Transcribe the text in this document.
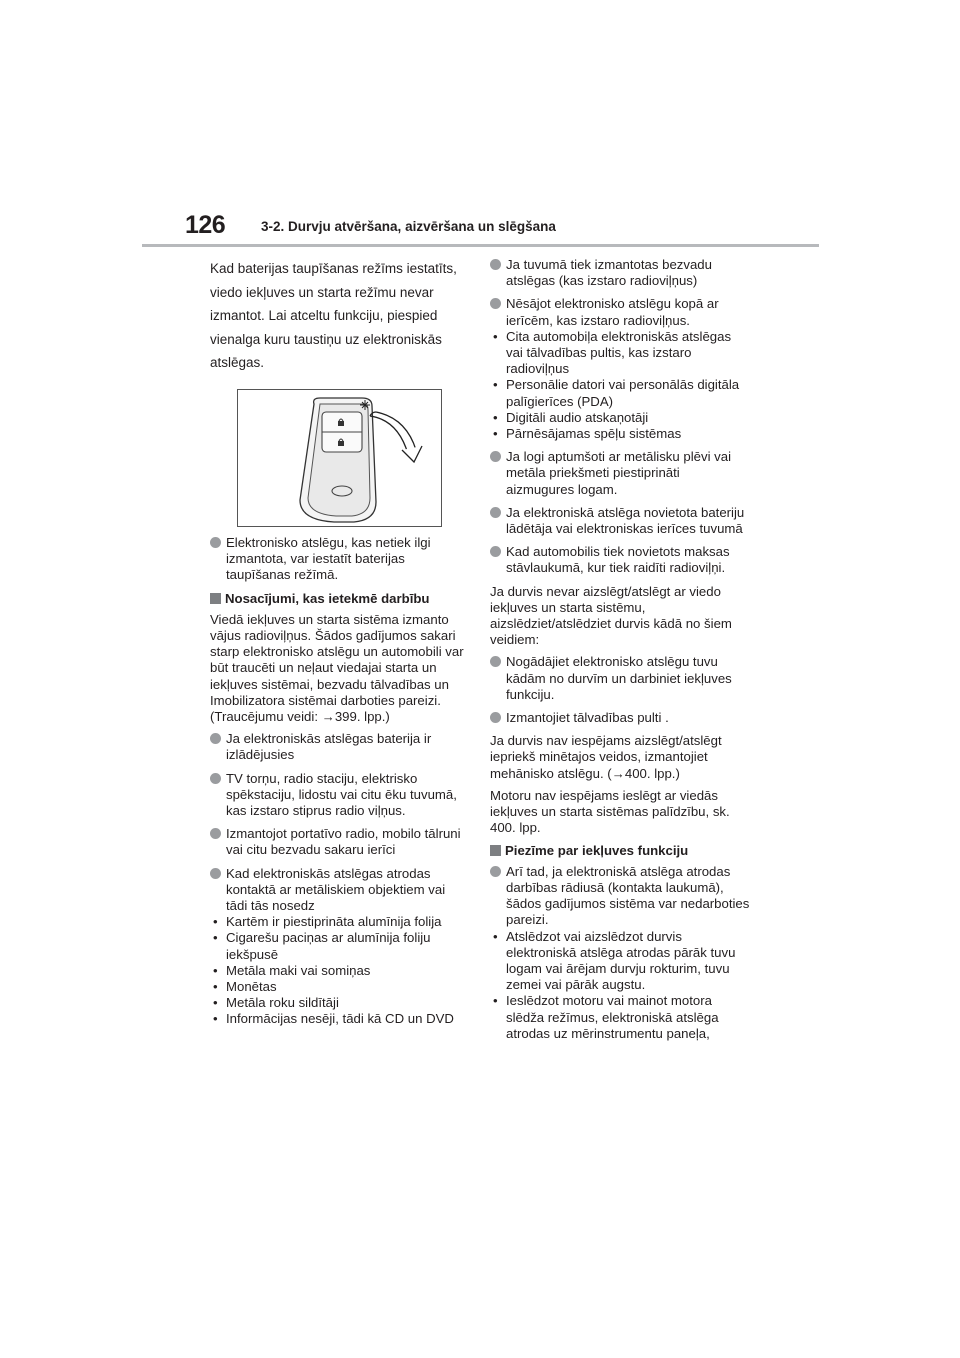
126	3-2. Durvju atvēršana, aizvēršana un slēgšana

Kad baterijas taupīšanas režīms iestatīts, viedo iekļuves un starta režīmu nevar izmantot. Lai atceltu funkciju, piespied vienalga kuru taustiņu uz elektroniskās atslēgas.

Elektronisko atslēgu, kas netiek ilgi izmantota, var iestatīt baterijas taupīšanas režīmā.
Nosacījumi, kas ietekmē darbību

Viedā iekļuves un starta sistēma izmanto vājus radioviļņus. Šādos gadījumos sakari starp elektronisko atslēgu un automobili var būt traucēti un neļaut viedajai starta un iekļuves sistēmai, bezvadu tālvadības un Imobilizatora sistēmai darboties pareizi. (Traucējumu veidi: →399. lpp.)

Ja elektroniskās atslēgas baterija ir izlādējusies
TV torņu, radio staciju, elektrisko spēkstaciju, lidostu vai citu ēku tuvumā, kas izstaro stiprus radio viļņus.
Izmantojot portatīvo radio, mobilo tālruni vai citu bezvadu sakaru ierīci
Kad elektroniskās atslēgas atrodas kontaktā ar metāliskiem objektiem vai tādi tās nosedz

• Kartēm ir piestiprināta alumīnija folija

• Cigarešu paciņas ar alumīnija foliju iekšpusē

• Metāla maki vai somiņas

• Monētas

• Metāla roku sildītāji

• Informācijas nesēji, tādi kā CD un DVD

Ja tuvumā tiek izmantotas bezvadu atslēgas (kas izstaro radioviļņus)
Nēsājot elektronisko atslēgu kopā ar ierīcēm, kas izstaro radioviļņus.

• Cita automobiļa elektroniskās atslēgas vai tālvadības pultis, kas izstaro radioviļņus

• Personālie datori vai personālās digitāla palīgierīces (PDA)

• Digitāli audio atskaņotāji

• Pārnēsājamas spēļu sistēmas

Ja logi aptumšoti ar metālisku plēvi vai metāla priekšmeti piestiprināti aizmugures logam.
Ja elektroniskā atslēga novietota bateriju lādētāja vai elektroniskas ierīces tuvumā
Kad automobilis tiek novietots maksas stāvlaukumā, kur tiek raidīti radioviļņi.

Ja durvis nevar aizslēgt/atslēgt ar viedo iekļuves un starta sistēmu, aizslēdziet/atslēdziet durvis kādā no šiem veidiem:

Nogādājiet elektronisko atslēgu tuvu kādām no durvīm un darbiniet iekļuves funkciju.
Izmantojiet tālvadības pulti .

Ja durvis nav iespējams aizslēgt/atslēgt iepriekš minētajos veidos, izmantojiet mehānisko atslēgu. (→400. lpp.)

Motoru nav iespējams ieslēgt ar viedās iekļuves un starta sistēmas palīdzību, sk. 400. lpp.

Piezīme par iekļuves funkciju
Arī tad, ja elektroniskā atslēga atrodas darbības rādiusā (kontakta laukumā), šādos gadījumos sistēma var nedarboties pareizi.

• Atslēdzot vai aizslēdzot durvis elektroniskā atslēga atrodas pārāk tuvu logam vai ārējam durvju rokturim, tuvu zemei vai pārāk augstu.

• Ieslēdzot motoru vai mainot motora slēdža režīmus, elektroniskā atslēga atrodas uz mērinstrumentu paneļa,
